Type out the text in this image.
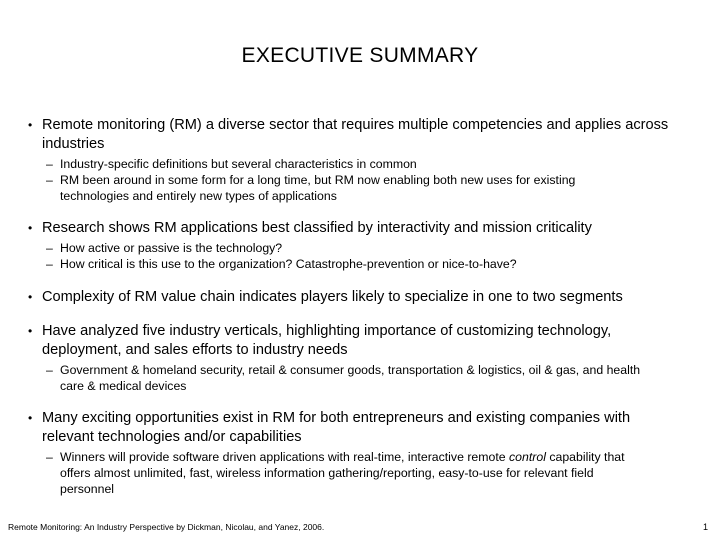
EXECUTIVE SUMMARY
• Remote monitoring (RM) a diverse sector that requires multiple competencies and applies across industries
– Industry-specific definitions but several characteristics in common
– RM been around in some form for a long time, but RM now enabling both new uses for existing technologies and entirely new types of applications
• Research shows RM applications best classified by interactivity and mission criticality
– How active or passive is the technology?
– How critical is this use to the organization? Catastrophe-prevention or nice-to-have?
• Complexity of RM value chain indicates players likely to specialize in one to two segments
• Have analyzed five industry verticals, highlighting importance of customizing technology, deployment, and sales efforts to industry needs
– Government & homeland security, retail & consumer goods, transportation & logistics, oil & gas, and health care & medical devices
• Many exciting opportunities exist in RM for both entrepreneurs and existing companies with relevant technologies and/or capabilities
– Winners will provide software driven applications with real-time, interactive remote control capability that offers almost unlimited, fast, wireless information gathering/reporting, easy-to-use for relevant field personnel
Remote Monitoring: An Industry Perspective by Dickman, Nicolau, and Yanez, 2006.	1
